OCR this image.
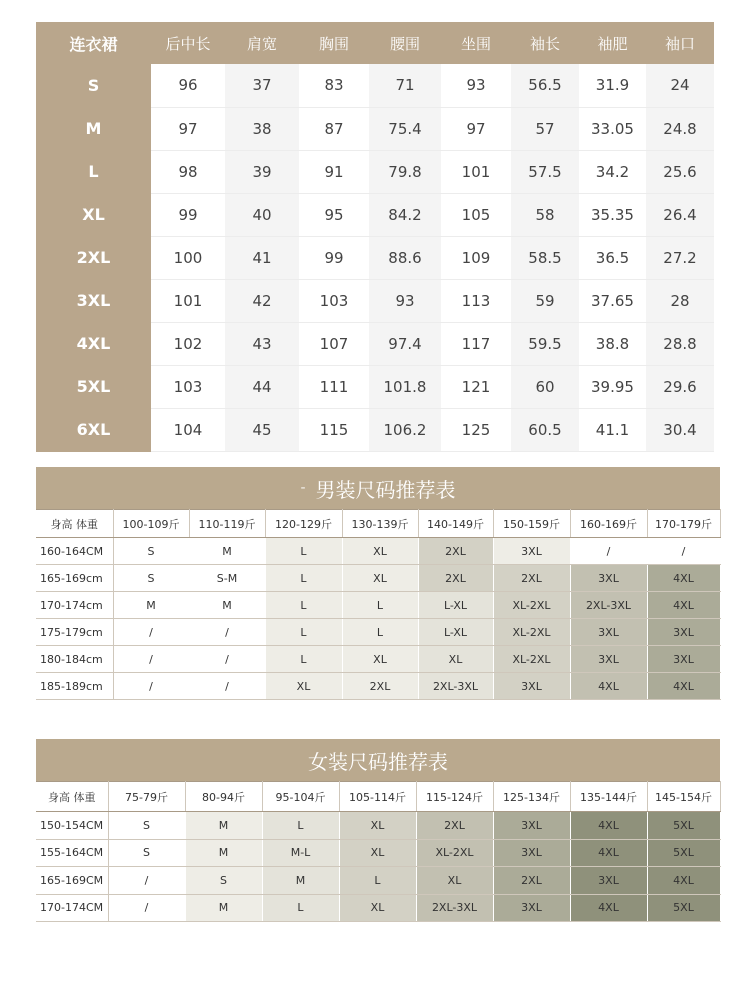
连衣裙	后中长	肩宽	胸围	腰围	坐围	袖长	袖肥	袖口
S	96	37	83	71	93	56.5	31.9	24
M	97	38	87	75.4	97	57	33.05	24.8
L	98	39	91	79.8	101	57.5	34.2	25.6
XL	99	40	95	84.2	105	58	35.35	26.4
2XL	100	41	99	88.6	109	58.5	36.5	27.2
3XL	101	42	103	93	113	59	37.65	28
4XL	102	43	107	97.4	117	59.5	38.8	28.8
5XL	103	44	111	101.8	121	60	39.95	29.6
6XL	104	45	115	106.2	125	60.5	41.1	30.4
- 男装尺码推荐表
身高 体重	100-109斤	110-119斤	120-129斤	130-139斤	140-149斤	150-159斤	160-169斤	170-179斤
160-164CM	S	M	L	XL	2XL	3XL	/	/
165-169cm	S	S-M	L	XL	2XL	2XL	3XL	4XL
170-174cm	M	M	L	L	L-XL	XL-2XL	2XL-3XL	4XL
175-179cm	/	/	L	L	L-XL	XL-2XL	3XL	3XL
180-184cm	/	/	L	XL	XL	XL-2XL	3XL	3XL
185-189cm	/	/	XL	2XL	2XL-3XL	3XL	4XL	4XL
女装尺码推荐表
身高 体重	75-79斤	80-94斤	95-104斤	105-114斤	115-124斤	125-134斤	135-144斤	145-154斤
150-154CM	S	M	L	XL	2XL	3XL	4XL	5XL
155-164CM	S	M	M-L	XL	XL-2XL	3XL	4XL	5XL
165-169CM	/	S	M	L	XL	2XL	3XL	4XL
170-174CM	/	M	L	XL	2XL-3XL	3XL	4XL	5XL
